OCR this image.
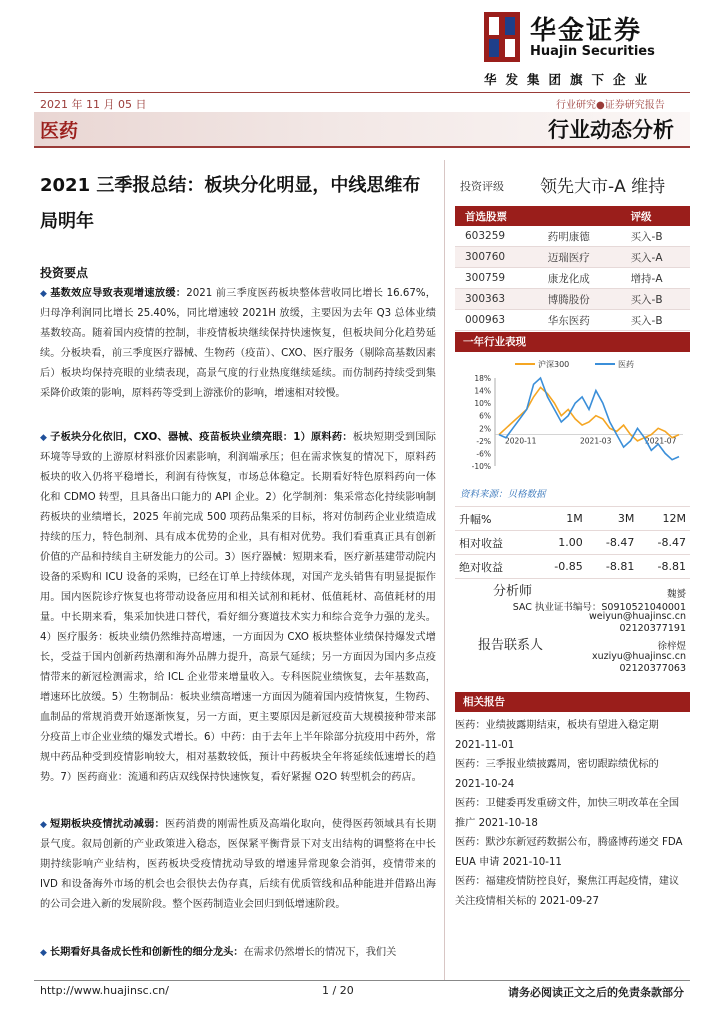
华金证券
Huajin Securities
华发集团旗下企业
2021 年 11 月 05 日	行业研究●证券研究报告
医药	行业动态分析
2021 三季报总结：板块分化明显，中线思维布局明年
投资要点
◆ 基数效应导致表观增速放缓：2021 前三季度医药板块整体营收同比增长 16.67%，归母净利润同比增长 25.40%，同比增速较 2021H 放缓，主要因为去年 Q3 总体业绩基数较高。随着国内疫情的控制，非疫情板块继续保持快速恢复，但板块间分化趋势延续。分板块看，前三季度医疗器械、生物药（疫苗）、CXO、医疗服务（剔除高基数因素后）板块均保持亮眼的业绩表现，高景气度的行业热度继续延续。而仿制药持续受到集采降价政策的影响，原料药等受到上游涨价的影响，增速相对较慢。
◆ 子板块分化依旧，CXO、器械、疫苗板块业绩亮眼：1）原料药：板块短期受到国际环境等导致的上游原材料涨价因素影响，利润端承压；但在需求恢复的情况下，原料药板块的收入仍将平稳增长，利润有待恢复，市场总体稳定。长期看好特色原料药向一体化和 CDMO 转型，且具备出口能力的 API 企业。2）化学制剂：集采常态化持续影响制药板块的业绩增长，2025 年前完成 500 项药品集采的目标，将对仿制药企业业绩造成持续的压力，特色制剂、具有成本优势的企业，具有相对优势。我们看重真正具有创新价值的产品和持续自主研发能力的公司。3）医疗器械：短期来看，医疗新基建带动院内设备的采购和 ICU 设备的采购，已经在订单上持续体现，对国产龙头销售有明显提振作用。国内医院诊疗恢复也将带动设备应用和相关试剂和耗材、低值耗材、高值耗材的用量。中长期来看，集采加快进口替代，看好细分赛道技术实力和综合竞争力强的龙头。4）医疗服务：板块业绩仍然维持高增速，一方面因为 CXO 板块整体业绩保持爆发式增长，受益于国内创新药热潮和海外品牌力提升，高景气延续；另一方面因为国内多点疫情带来的新冠检测需求，给 ICL 企业带来增量收入。专科医院业绩恢复，去年基数高，增速环比放缓。5）生物制品：板块业绩高增速一方面因为随着国内疫情恢复，生物药、血制品的常规消费开始逐渐恢复，另一方面，更主要原因是新冠疫苗大规模接种带来部分疫苗上市企业业绩的爆发式增长。6）中药：由于去年上半年除部分抗疫用中药外，常规中药品种受到疫情影响较大，相对基数较低，预计中药板块全年将延续低速增长的趋势。7）医药商业：流通和药店双线保持快速恢复，看好紧握 O2O 转型机会的药店。
◆ 短期板块疫情扰动减弱：医药消费的刚需性质及高端化取向，使得医药领域具有长期景气度。叙局创新的产业政策进入稳态，医保紧平衡背景下对支出结构的调整将在中长期持续影响产业结构，医药板块受疫情扰动导致的增速异常现象会消弭，疫情带来的 IVD 和设备海外市场的机会也会很快去伪存真，后续有优质管线和品种能进并借路出海的公司会进入新的发展阶段。整个医药制造业会回归到低增速阶段。
◆ 长期看好具备成长性和创新性的细分龙头：在需求仍然增长的情况下，我们关
投资评级 领先大市-A 维持
首选股票		评级
603259	药明康德	买入-B
300760	迈瑞医疗	买入-A
300759	康龙化成	增持-A
300363	博腾股份	买入-B
000963	华东医药	买入-B
一年行业表现
18%
14%
10%
6%
2%
-2%
-6%
-10%
2020-11	2021-03	2021-07
沪深300	医药
资料来源：贝格数据
升幅%	1M	3M	12M
相对收益	1.00	-8.47	-8.47
绝对收益	-0.85	-8.81	-8.81
分析师	魏赟
SAC 执业证书编号：S0910521040001
weiyun@huajinsc.cn
02120377191
报告联系人	徐梓煜
xuziyu@huajinsc.cn
02120377063
相关报告
医药：业绩披露期结束，板块有望进入稳定期 2021-11-01
医药：三季报业绩披露周，密切跟踪绩优标的 2021-10-24
医药：卫健委再发重磅文件，加快三明改革在全国推广 2021-10-18
医药：默沙东新冠药数据公布，腾盛博药递交 FDA EUA 申请 2021-10-11
医药：福建疫情防控良好，聚焦江再起疫情，建议关注疫情相关标的 2021-09-27
http://www.huajinsc.cn/	1 / 20	请务必阅读正文之后的免责条款部分
